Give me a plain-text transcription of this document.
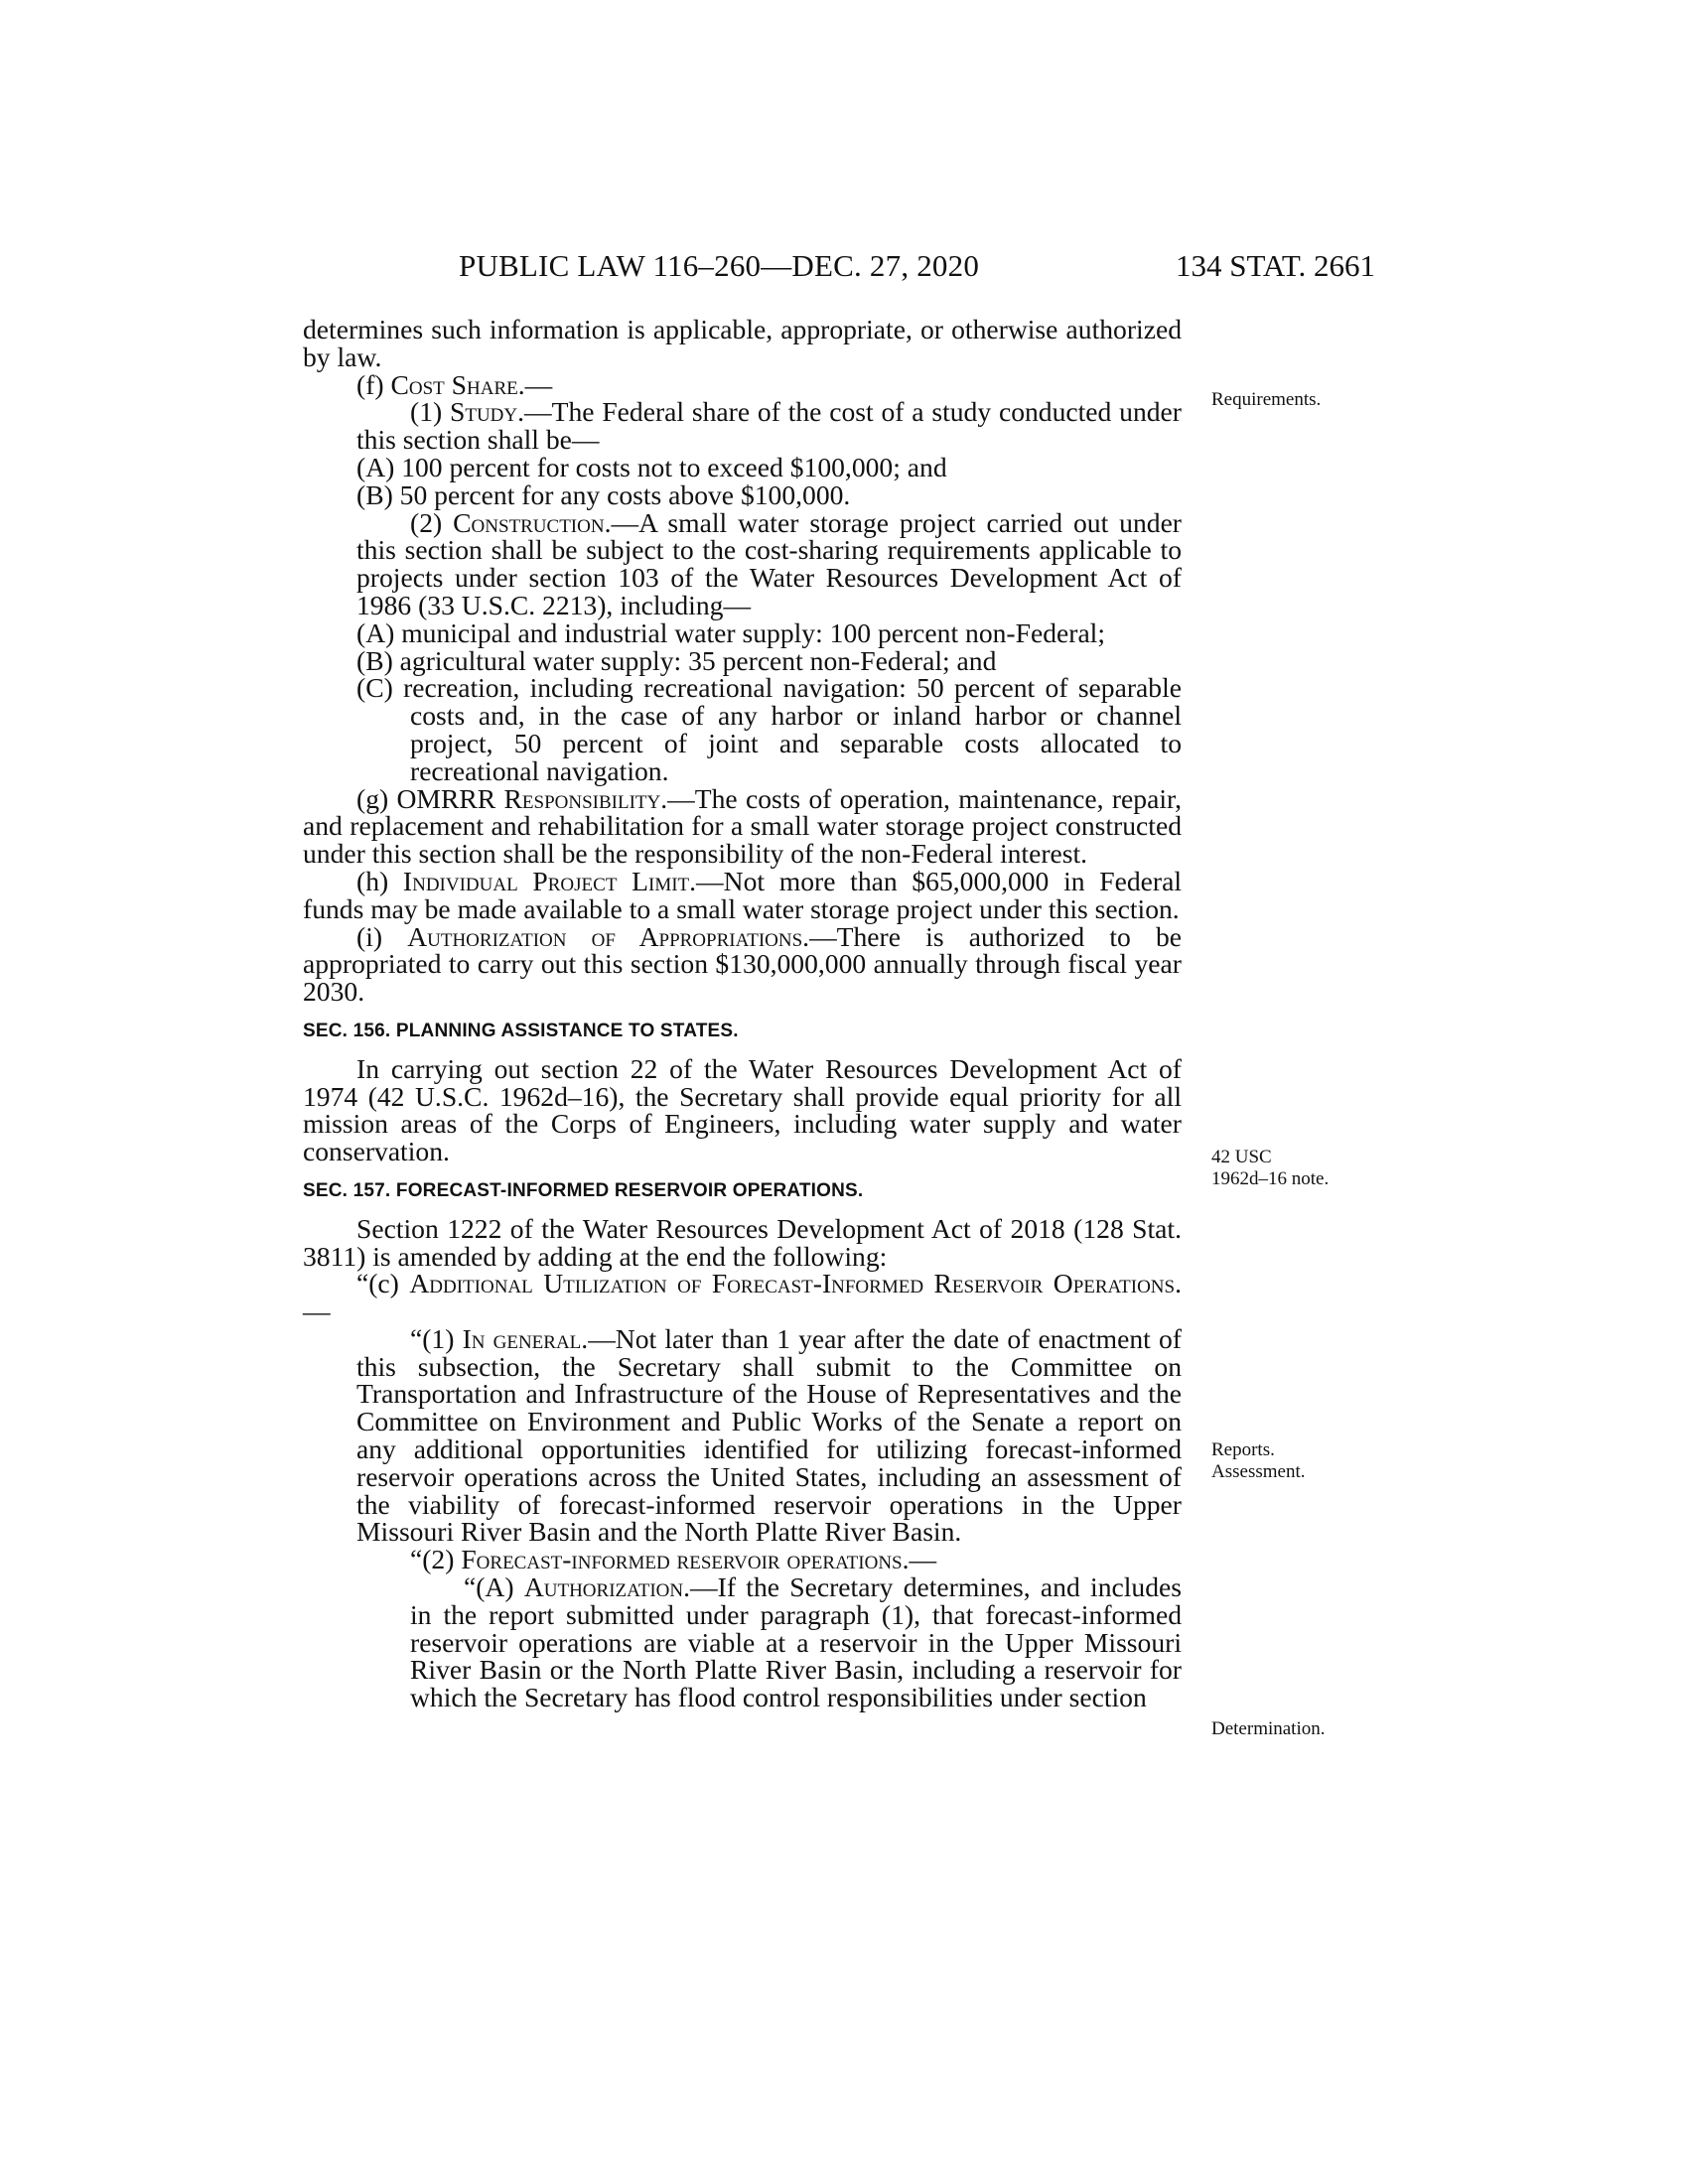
PUBLIC LAW 116–260—DEC. 27, 2020	134 STAT. 2661
Requirements.
42 USC
1962d–16 note.
Reports.
Assessment.
Determination.

determines such information is applicable, appropriate, or otherwise authorized by law.

(f) Cost Share.—

(1) Study.—The Federal share of the cost of a study conducted under this section shall be—

(A) 100 percent for costs not to exceed $100,000; and

(B) 50 percent for any costs above $100,000.

(2) Construction.—A small water storage project carried out under this section shall be subject to the cost-sharing requirements applicable to projects under section 103 of the Water Resources Development Act of 1986 (33 U.S.C. 2213), including—

(A) municipal and industrial water supply: 100 percent non-Federal;

(B) agricultural water supply: 35 percent non-Federal; and

(C) recreation, including recreational navigation: 50 percent of separable costs and, in the case of any harbor or inland harbor or channel project, 50 percent of joint and separable costs allocated to recreational navigation.

(g) OMRRR Responsibility.—The costs of operation, maintenance, repair, and replacement and rehabilitation for a small water storage project constructed under this section shall be the responsibility of the non-Federal interest.

(h) Individual Project Limit.—Not more than $65,000,000 in Federal funds may be made available to a small water storage project under this section.

(i) Authorization of Appropriations.—There is authorized to be appropriated to carry out this section $130,000,000 annually through fiscal year 2030.

SEC. 156. PLANNING ASSISTANCE TO STATES.

In carrying out section 22 of the Water Resources Development Act of 1974 (42 U.S.C. 1962d–16), the Secretary shall provide equal priority for all mission areas of the Corps of Engineers, including water supply and water conservation.

SEC. 157. FORECAST-INFORMED RESERVOIR OPERATIONS.

Section 1222 of the Water Resources Development Act of 2018 (128 Stat. 3811) is amended by adding at the end the following:

“(c) Additional Utilization of Forecast-Informed Reservoir Operations.—

“(1) In general.—Not later than 1 year after the date of enactment of this subsection, the Secretary shall submit to the Committee on Transportation and Infrastructure of the House of Representatives and the Committee on Environment and Public Works of the Senate a report on any additional opportunities identified for utilizing forecast-informed reservoir operations across the United States, including an assessment of the viability of forecast-informed reservoir operations in the Upper Missouri River Basin and the North Platte River Basin.

“(2) Forecast-informed reservoir operations.—

“(A) Authorization.—If the Secretary determines, and includes in the report submitted under paragraph (1), that forecast-informed reservoir operations are viable at a reservoir in the Upper Missouri River Basin or the North Platte River Basin, including a reservoir for which the Secretary has flood control responsibilities under section
